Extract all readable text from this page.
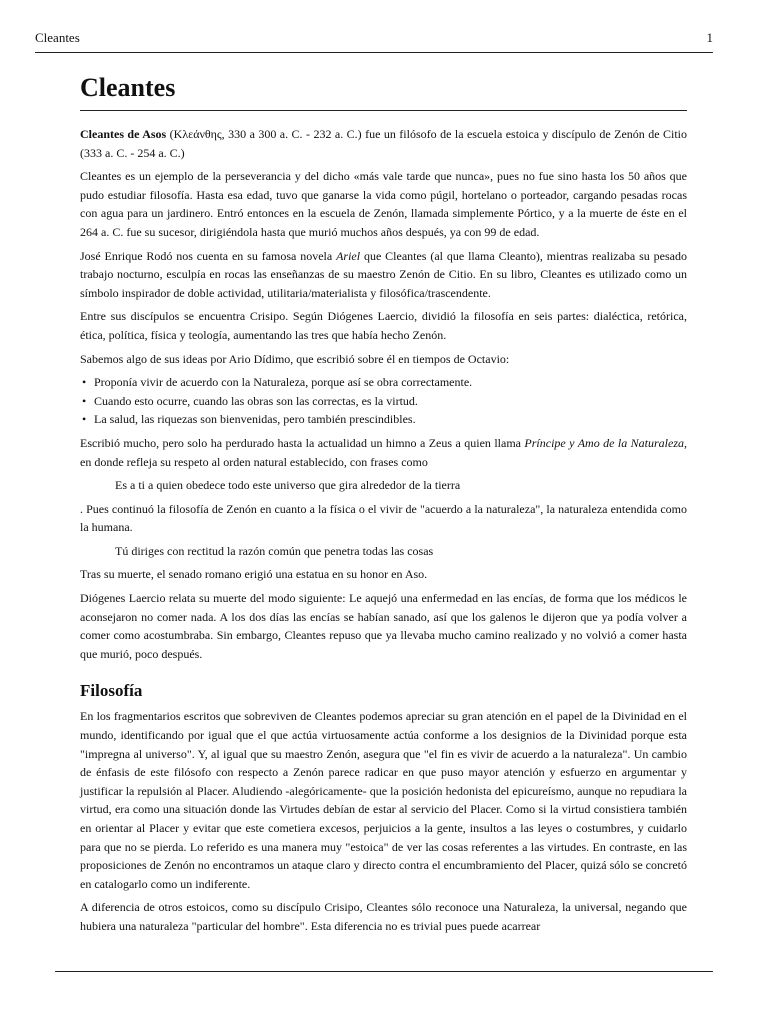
Cleantes	1
Cleantes

Cleantes de Asos (Κλεάνθης, 330 a 300 a. C. - 232 a. C.) fue un filósofo de la escuela estoica y discípulo de Zenón de Citio (333 a. C. - 254 a. C.)

Cleantes es un ejemplo de la perseverancia y del dicho «más vale tarde que nunca», pues no fue sino hasta los 50 años que pudo estudiar filosofía. Hasta esa edad, tuvo que ganarse la vida como púgil, hortelano o porteador, cargando pesadas rocas con agua para un jardinero. Entró entonces en la escuela de Zenón, llamada simplemente Pórtico, y a la muerte de éste en el 264 a. C. fue su sucesor, dirigiéndola hasta que murió muchos años después, ya con 99 de edad.

José Enrique Rodó nos cuenta en su famosa novela Ariel que Cleantes (al que llama Cleanto), mientras realizaba su pesado trabajo nocturno, esculpía en rocas las enseñanzas de su maestro Zenón de Citio. En su libro, Cleantes es utilizado como un símbolo inspirador de doble actividad, utilitaria/materialista y filosófica/trascendente.

Entre sus discípulos se encuentra Crisipo. Según Diógenes Laercio, dividió la filosofía en seis partes: dialéctica, retórica, ética, política, física y teología, aumentando las tres que había hecho Zenón.

Sabemos algo de sus ideas por Ario Dídimo, que escribió sobre él en tiempos de Octavio:

• Proponía vivir de acuerdo con la Naturaleza, porque así se obra correctamente.
• Cuando esto ocurre, cuando las obras son las correctas, es la virtud.
• La salud, las riquezas son bienvenidas, pero también prescindibles.

Escribió mucho, pero solo ha perdurado hasta la actualidad un himno a Zeus a quien llama Príncipe y Amo de la Naturaleza, en donde refleja su respeto al orden natural establecido, con frases como

Es a ti a quien obedece todo este universo que gira alrededor de la tierra

. Pues continuó la filosofía de Zenón en cuanto a la física o el vivir de "acuerdo a la naturaleza", la naturaleza entendida como la humana.

Tú diriges con rectitud la razón común que penetra todas las cosas

Tras su muerte, el senado romano erigió una estatua en su honor en Aso.

Diógenes Laercio relata su muerte del modo siguiente: Le aquejó una enfermedad en las encías, de forma que los médicos le aconsejaron no comer nada. A los dos días las encías se habían sanado, así que los galenos le dijeron que ya podía volver a comer como acostumbraba. Sin embargo, Cleantes repuso que ya llevaba mucho camino realizado y no volvió a comer hasta que murió, poco después.

Filosofía

En los fragmentarios escritos que sobreviven de Cleantes podemos apreciar su gran atención en el papel de la Divinidad en el mundo, identificando por igual que el que actúa virtuosamente actúa conforme a los designios de la Divinidad porque esta "impregna al universo". Y, al igual que su maestro Zenón, asegura que "el fin es vivir de acuerdo a la naturaleza". Un cambio de énfasis de este filósofo con respecto a Zenón parece radicar en que puso mayor atención y esfuerzo en argumentar y justificar la repulsión al Placer. Aludiendo -alegóricamente- que la posición hedonista del epicureísmo, aunque no repudiara la virtud, era como una situación donde las Virtudes debían de estar al servicio del Placer. Como si la virtud consistiera también en orientar al Placer y evitar que este cometiera excesos, perjuicios a la gente, insultos a las leyes o costumbres, y cuidarlo para que no se pierda. Lo referido es una manera muy "estoica" de ver las cosas referentes a las virtudes. En contraste, en las proposiciones de Zenón no encontramos un ataque claro y directo contra el encumbramiento del Placer, quizá sólo se concretó en catalogarlo como un indiferente.

A diferencia de otros estoicos, como su discípulo Crisipo, Cleantes sólo reconoce una Naturaleza, la universal, negando que hubiera una naturaleza "particular del hombre". Esta diferencia no es trivial pues puede acarrear
